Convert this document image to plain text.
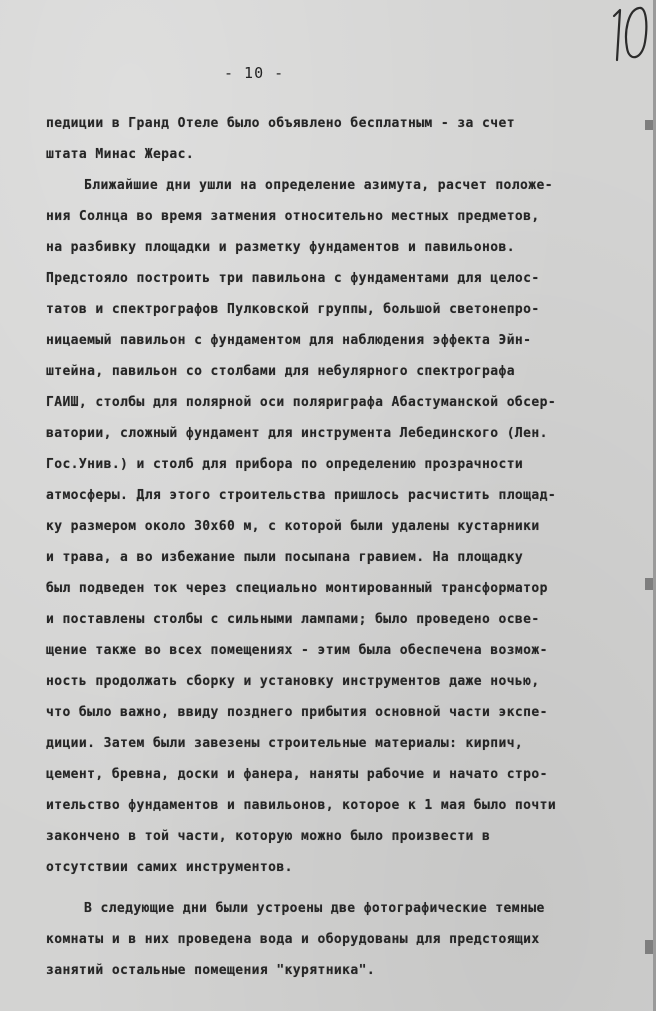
10
- 10 -
педиции в Гранд Отеле было объявлено бесплатным - за счет
штата Минас Жерас.
Ближайшие дни ушли на определение азимута, расчет положе-
ния Солнца во время затмения относительно местных предметов,
на разбивку площадки и разметку фундаментов и павильонов.
Предстояло построить три павильона с фундаментами для целос-
татов и спектрографов Пулковской группы, большой светонепро-
ницаемый павильон с фундаментом для наблюдения эффекта Эйн-
штейна, павильон со столбами для небулярного спектрографа
ГАИШ, столбы для полярной оси поляриграфа Абастуманской обсер-
ватории, сложный фундамент для инструмента Лебединского (Лен.
Гос.Унив.) и столб для прибора по определению прозрачности
атмосферы. Для этого строительства пришлось расчистить площад-
ку размером около 30х60 м, с которой были удалены кустарники
и трава, а во избежание пыли посыпана гравием. На площадку
был подведен ток через специально монтированный трансформатор
и поставлены столбы с сильными лампами; было проведено осве-
щение также во всех помещениях - этим была обеспечена возмож-
ность продолжать сборку и установку инструментов даже ночью,
что было важно, ввиду позднего прибытия основной части экспе-
диции. Затем были завезены строительные материалы: кирпич,
цемент, бревна, доски и фанера, наняты рабочие и начато стро-
ительство фундаментов и павильонов, которое к 1 мая было почти
закончено в той части, которую можно было произвести в
отсутствии самих инструментов.
В следующие дни были устроены две фотографические темные
комнаты и в них проведена вода и оборудованы для предстоящих
занятий остальные помещения "курятника".
